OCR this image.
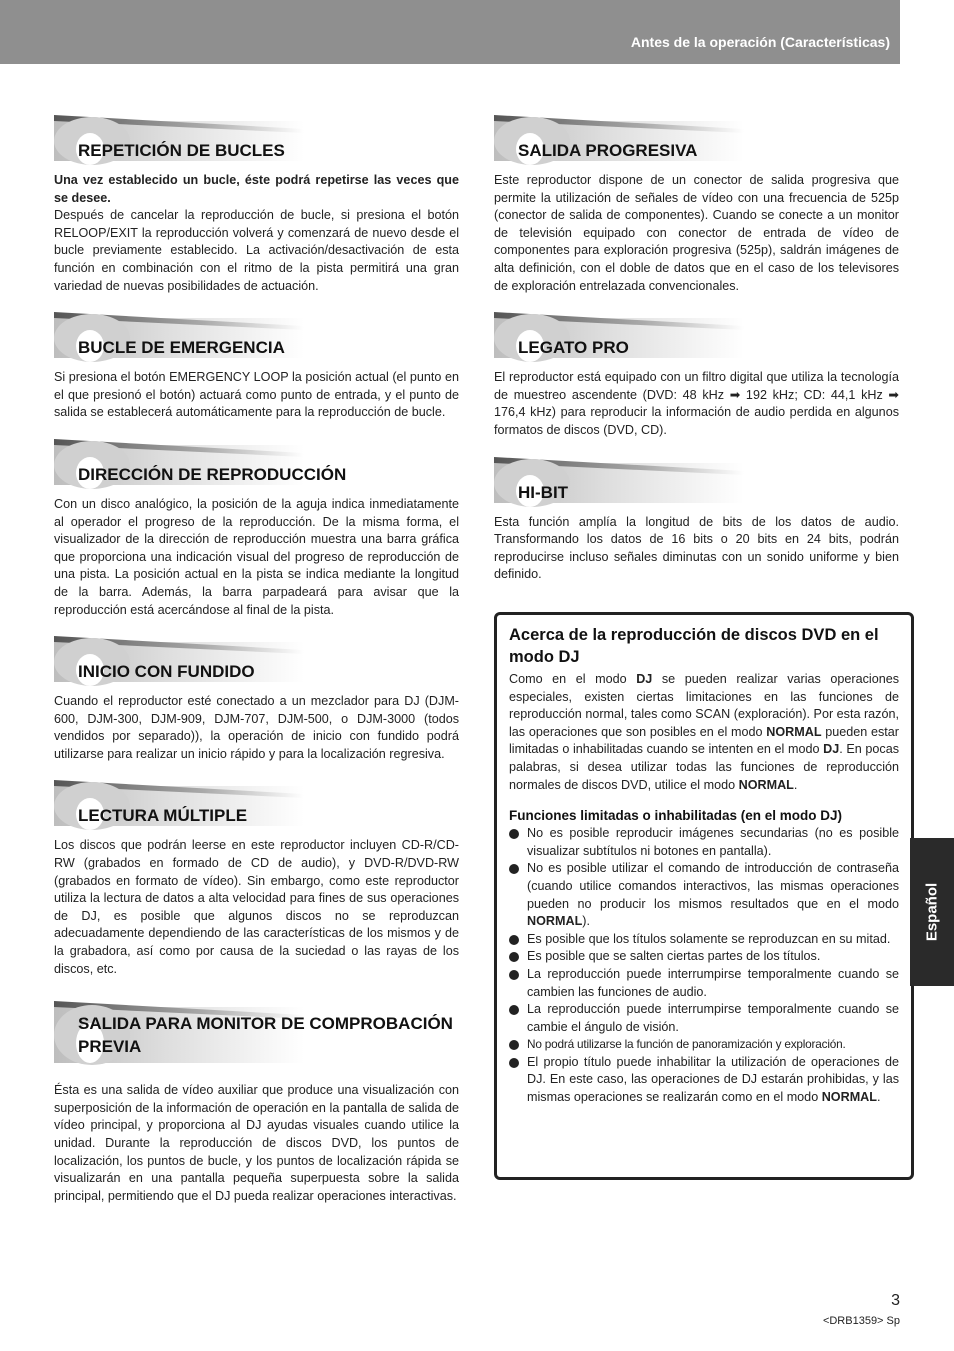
Antes de la operación (Características)
REPETICIÓN DE BUCLES

Una vez establecido un bucle, éste podrá repetirse las veces que se desee.

Después de cancelar la reproducción de bucle, si presiona el botón RELOOP/EXIT la reproducción volverá y comenzará de nuevo desde el bucle previamente establecido. La activación/desactivación de esta función en combinación con el ritmo de la pista permitirá una gran variedad de nuevas posibilidades de actuación.

BUCLE DE EMERGENCIA

Si presiona el botón EMERGENCY LOOP la posición actual (el punto en el que presionó el botón) actuará como punto de entrada, y el punto de salida se establecerá automáticamente para la reproducción de bucle.

DIRECCIÓN DE REPRODUCCIÓN

Con un disco analógico, la posición de la aguja indica inmediatamente al operador el progreso de la reproducción. De la misma forma, el visualizador de la dirección de reproducción muestra una barra gráfica que proporciona una indicación visual del progreso de reproducción de una pista. La posición actual en la pista se indica mediante la longitud de la barra. Además, la barra parpadeará para avisar que la reproducción está acercándose al final de la pista.

INICIO CON FUNDIDO

Cuando el reproductor esté conectado a un mezclador para DJ (DJM-600, DJM-300, DJM-909, DJM-707, DJM-500, o DJM-3000 (todos vendidos por separado)), la operación de inicio con fundido podrá utilizarse para realizar un inicio rápido y para la localización regresiva.

LECTURA MÚLTIPLE

Los discos que podrán leerse en este reproductor incluyen CD-R/CD-RW (grabados en formado de CD de audio), y DVD-R/DVD-RW (grabados en formato de vídeo). Sin embargo, como este reproductor utiliza la lectura de datos a alta velocidad para fines de sus operaciones de DJ, es posible que algunos discos no se reproduzcan adecuadamente dependiendo de las características de los mismos y de la grabadora, así como por causa de la suciedad o las rayas de los discos, etc.

SALIDA PARA MONITOR DE COMPROBACIÓN PREVIA

Ésta es una salida de vídeo auxiliar que produce una visualización con superposición de la información de operación en la pantalla de salida de vídeo principal, y proporciona al DJ ayudas visuales cuando utilice la unidad. Durante la reproducción de discos DVD, los puntos de localización, los puntos de bucle, y los puntos de localización rápida se visualizarán en una pantalla pequeña superpuesta sobre la salida principal, permitiendo que el DJ pueda realizar operaciones interactivas.

SALIDA PROGRESIVA

Este reproductor dispone de un conector de salida progresiva que permite la utilización de señales de vídeo con una frecuencia de 525p (conector de salida de componentes). Cuando se conecte a un monitor de televisión equipado con conector de entrada de vídeo de componentes para exploración progresiva (525p), saldrán imágenes de alta definición, con el doble de datos que en el caso de los televisores de exploración entrelazada convencionales.

LEGATO PRO

El reproductor está equipado con un filtro digital que utiliza la tecnología de muestreo ascendente (DVD: 48 kHz ➡ 192 kHz; CD: 44,1 kHz ➡ 176,4 kHz) para reproducir la información de audio perdida en algunos formatos de discos (DVD, CD).

HI-BIT

Esta función amplía la longitud de bits de los datos de audio. Transformando los datos de 16 bits o 20 bits en 24 bits, podrán reproducirse incluso señales diminutas con un sonido uniforme y bien definido.

Acerca de la reproducción de discos DVD en el modo DJ

Como en el modo DJ se pueden realizar varias operaciones especiales, existen ciertas limitaciones en las funciones de reproducción normal, tales como SCAN (exploración). Por esta razón, las operaciones que son posibles en el modo NORMAL pueden estar limitadas o inhabilitadas cuando se intenten en el modo DJ. En pocas palabras, si desea utilizar todas las funciones de reproducción normales de discos DVD, utilice el modo NORMAL.

Funciones limitadas o inhabilitadas (en el modo DJ)
No es posible reproducir imágenes secundarias (no es posible visualizar subtítulos ni botones en pantalla).
No es posible utilizar el comando de introducción de contraseña (cuando utilice comandos interactivos, las mismas operaciones pueden no producir los mismos resultados que en el modo NORMAL).
Es posible que los títulos solamente se reproduzcan en su mitad.
Es posible que se salten ciertas partes de los títulos.
La reproducción puede interrumpirse temporalmente cuando se cambien las funciones de audio.
La reproducción puede interrumpirse temporalmente cuando se cambie el ángulo de visión.
No podrá utilizarse la función de panoramización y exploración.
El propio título puede inhabilitar la utilización de operaciones de DJ. En este caso, las operaciones de DJ estarán prohibidas, y las mismas operaciones se realizarán como en el modo NORMAL.
Español
3
<DRB1359> Sp
